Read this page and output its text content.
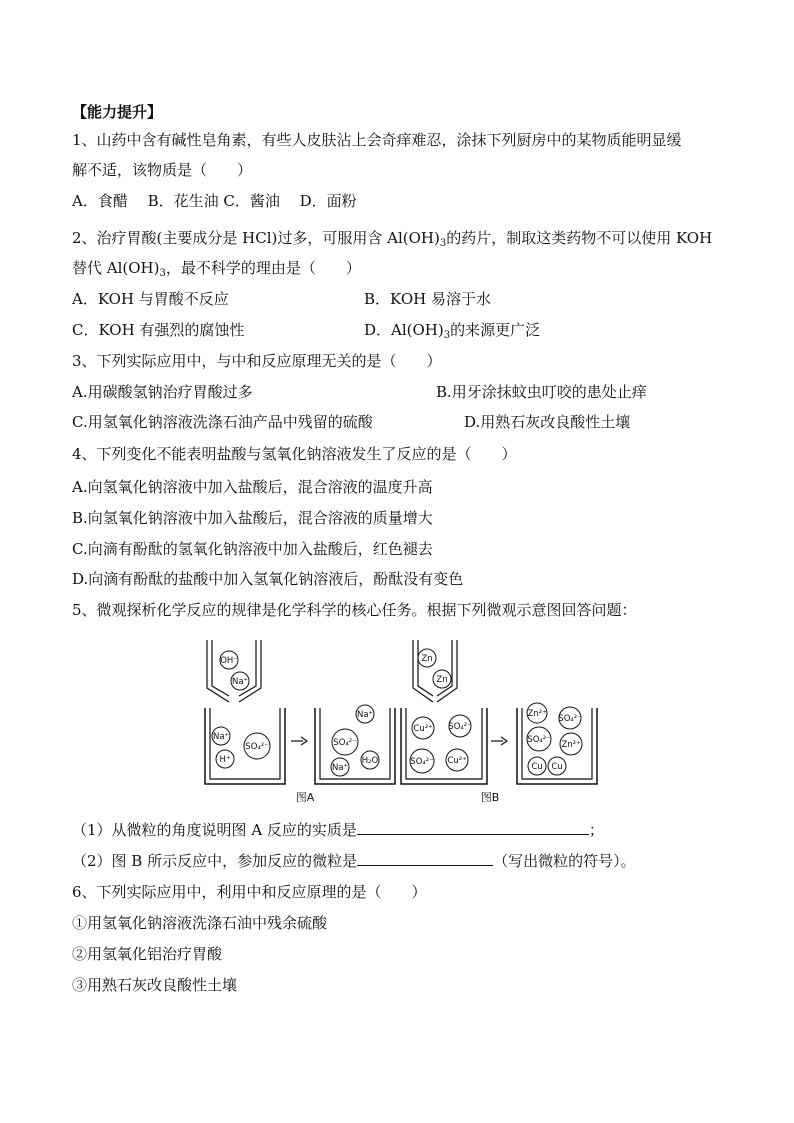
【能力提升】
1、山药中含有碱性皂角素，有些人皮肤沾上会奇痒难忍，涂抹下列厨房中的某物质能明显缓
解不适，该物质是（　　）
A．食醋　 B．花生油 C．酱油　 D．面粉
2、治疗胃酸(主要成分是 HCl)过多，可服用含 $Al(OH)_3$的药片，制取这类药物不可以使用 KOH
替代 $Al(OH)_3$，最不科学的理由是（　　）
A．KOH 与胃酸不反应	B．KOH 易溶于水
C．KOH 有强烈的腐蚀性	D．$Al(OH)_3$的来源更广泛
3、下列实际应用中，与中和反应原理无关的是（　　）
A.用碳酸氢钠治疗胃酸过多	B.用牙涂抹蚊虫叮咬的患处止痒
C.用氢氧化钠溶液洗涤石油产品中残留的硫酸	D.用熟石灰改良酸性土壤
4、下列变化不能表明盐酸与氢氧化钠溶液发生了反应的是（　　）
A.向氢氧化钠溶液中加入盐酸后，混合溶液的温度升高
B.向氢氧化钠溶液中加入盐酸后，混合溶液的质量增大
C.向滴有酚酞的氢氧化钠溶液中加入盐酸后，红色褪去
D.向滴有酚酞的盐酸中加入氢氧化钠溶液后，酚酞没有变色
5、微观探析化学反应的规律是化学科学的核心任务。根据下列微观示意图回答问题：
OH⁻
Na⁺
Na⁺
H⁺
SO₄²⁻
Na⁺
SO₄²⁻
H₂O
Na⁺
Zn
Zn
Cu²⁺ SO₄²⁻
SO₄²⁻ Cu²⁺
Zn²⁺ SO₄²⁻
SO₄²⁻ Zn²⁺
Cu Cu
图A	图B
（1）从微粒的角度说明图 A 反应的实质是	；
（2）图 B 所示反应中，参加反应的微粒是	（写出微粒的符号）。
6、下列实际应用中，利用中和反应原理的是（　　）
①用氢氧化钠溶液洗涤石油中残余硫酸
②用氢氧化铝治疗胃酸
③用熟石灰改良酸性土壤
